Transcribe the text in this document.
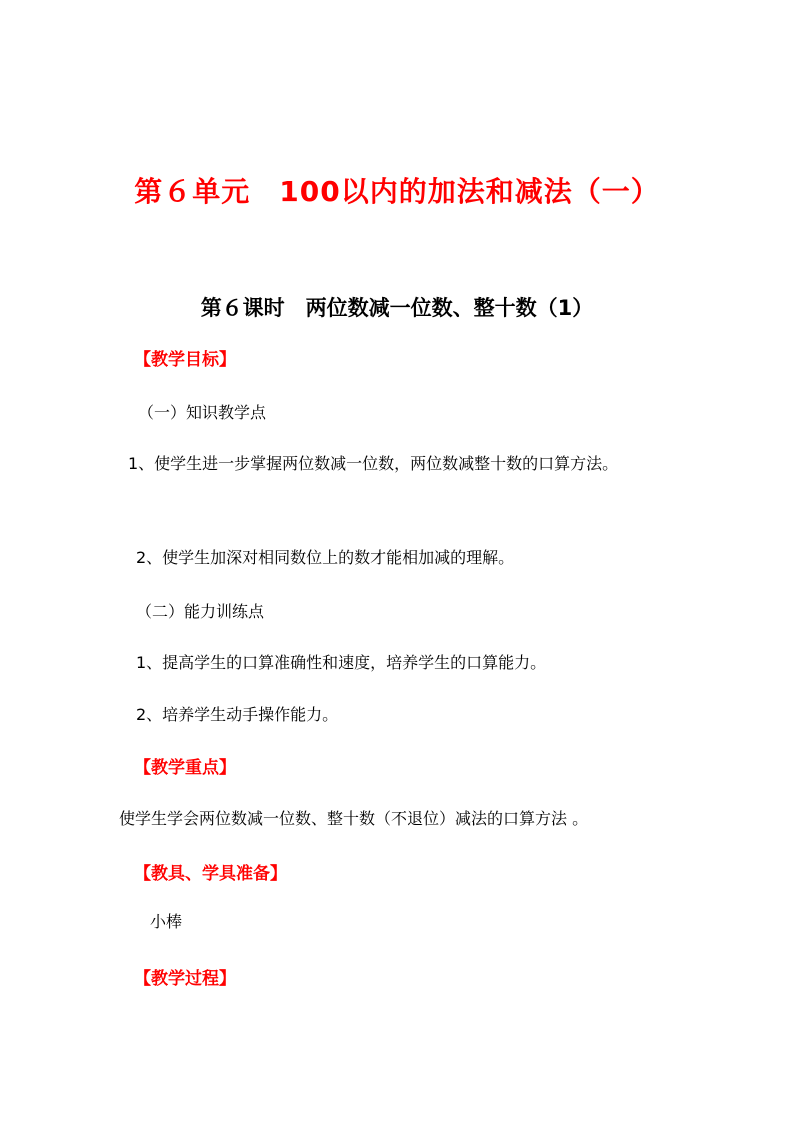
第６单元　100以内的加法和减法（一）
第６课时　两位数减一位数、整十数（1）
【教学目标】
（一）知识教学点
1、使学生进一步掌握两位数减一位数，两位数减整十数的口算方法。
2、使学生加深对相同数位上的数才能相加减的理解。
（二）能力训练点
1、提高学生的口算准确性和速度，培养学生的口算能力。
2、培养学生动手操作能力。
【教学重点】
使学生学会两位数减一位数、整十数（不退位）减法的口算方法 。
【教具、学具准备】
小棒
【教学过程】
